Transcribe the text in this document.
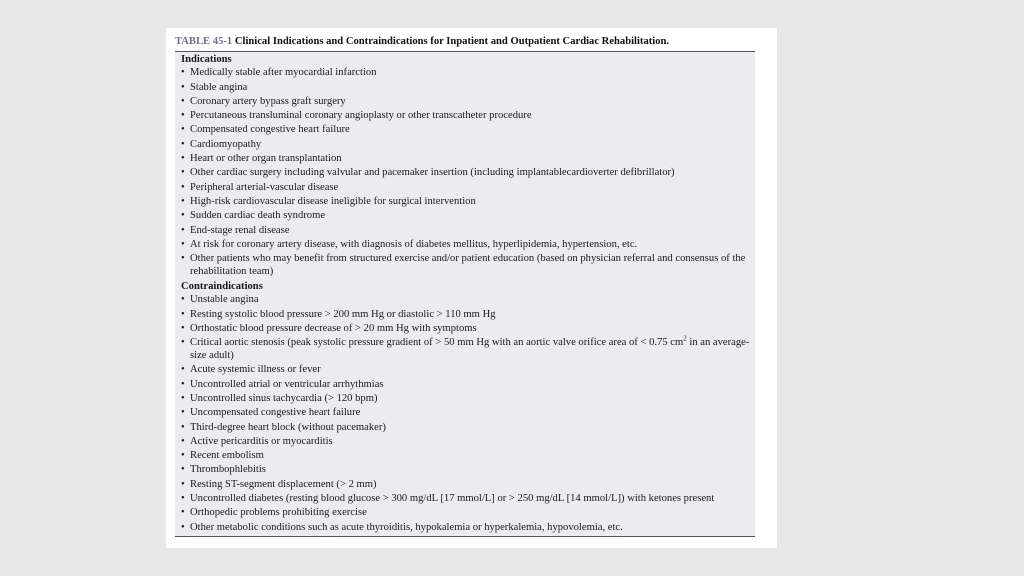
TABLE 45-1 Clinical Indications and Contraindications for Inpatient and Outpatient Cardiac Rehabilitation.
Indications
• Medically stable after myocardial infarction
• Stable angina
• Coronary artery bypass graft surgery
• Percutaneous transluminal coronary angioplasty or other transcatheter procedure
• Compensated congestive heart failure
• Cardiomyopathy
• Heart or other organ transplantation
• Other cardiac surgery including valvular and pacemaker insertion (including implantablecardioverter defibrillator)
• Peripheral arterial-vascular disease
• High-risk cardiovascular disease ineligible for surgical intervention
• Sudden cardiac death syndrome
• End-stage renal disease
• At risk for coronary artery disease, with diagnosis of diabetes mellitus, hyperlipidemia, hypertension, etc.
• Other patients who may benefit from structured exercise and/or patient education (based on physician referral and consensus of the rehabilitation team)
Contraindications
• Unstable angina
• Resting systolic blood pressure > 200 mm Hg or diastolic > 110 mm Hg
• Orthostatic blood pressure decrease of > 20 mm Hg with symptoms
• Critical aortic stenosis (peak systolic pressure gradient of > 50 mm Hg with an aortic valve orifice area of < 0.75 $cm^2$ in an average-size adult)
• Acute systemic illness or fever
• Uncontrolled atrial or ventricular arrhythmias
• Uncontrolled sinus tachycardia (> 120 bpm)
• Uncompensated congestive heart failure
• Third-degree heart block (without pacemaker)
• Active pericarditis or myocarditis
• Recent embolism
• Thrombophlebitis
• Resting ST-segment displacement (> 2 mm)
• Uncontrolled diabetes (resting blood glucose > 300 mg/dL [17 mmol/L] or > 250 mg/dL [14 mmol/L]) with ketones present
• Orthopedic problems prohibiting exercise
• Other metabolic conditions such as acute thyroiditis, hypokalemia or hyperkalemia, hypovolemia, etc.
